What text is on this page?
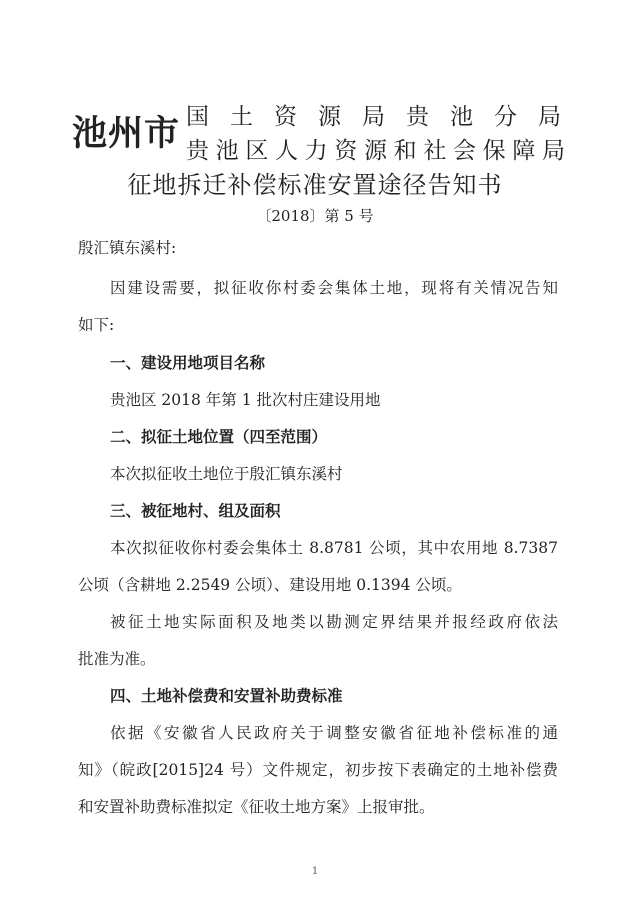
池州市 国土资源局贵池分局
贵池区人力资源和社会保障局
征地拆迁补偿标准安置途径告知书
〔2018〕第 5 号
殷汇镇东溪村:
因建设需要，拟征收你村委会集体土地，现将有关情况告知
如下:
一、建设用地项目名称
贵池区 2018 年第 1 批次村庄建设用地
二、拟征土地位置（四至范围）
本次拟征收土地位于殷汇镇东溪村
三、被征地村、组及面积
本次拟征收你村委会集体土 8.8781 公顷，其中农用地 8.7387
公顷（含耕地 2.2549 公顷）、建设用地 0.1394 公顷。
被征土地实际面积及地类以勘测定界结果并报经政府依法
批准为准。
四、土地补偿费和安置补助费标准
依据《安徽省人民政府关于调整安徽省征地补偿标准的通
知》（皖政[2015]24 号）文件规定，初步按下表确定的土地补偿费
和安置补助费标准拟定《征收土地方案》上报审批。
1
